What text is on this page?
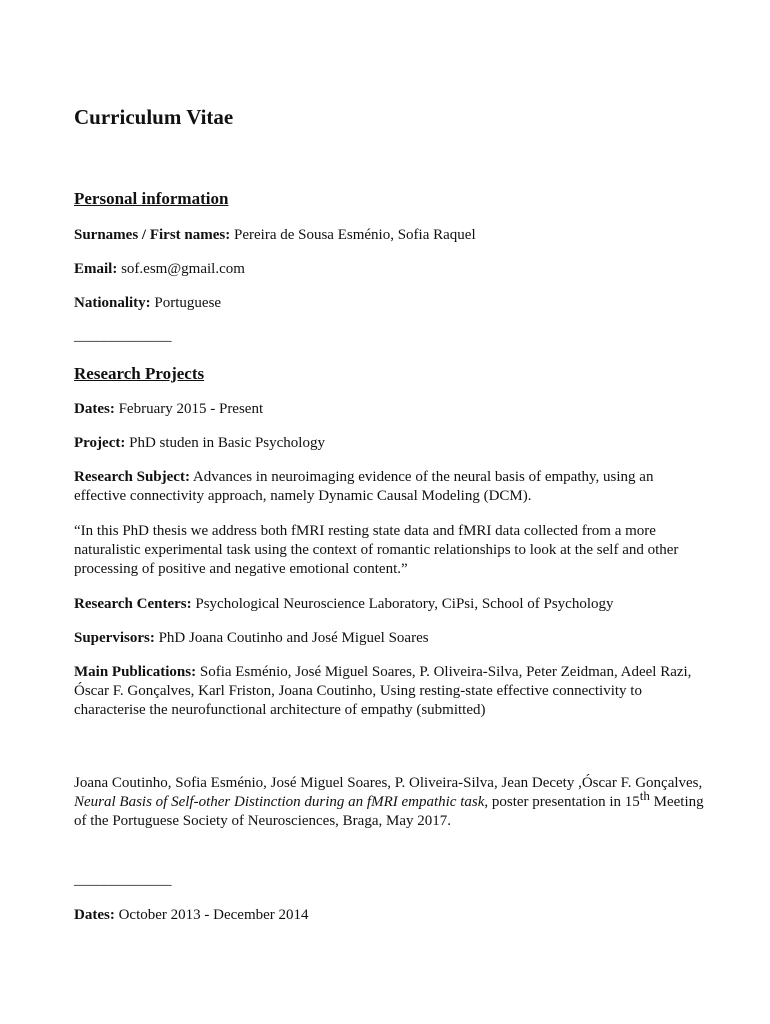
Curriculum Vitae
Personal information
Surnames / First names: Pereira de Sousa Esménio, Sofia Raquel
Email: sof.esm@gmail.com
Nationality: Portuguese
_____________
Research Projects
Dates: February 2015 - Present
Project: PhD studen in Basic Psychology
Research Subject: Advances in neuroimaging evidence of the neural basis of empathy, using an effective connectivity approach, namely Dynamic Causal Modeling (DCM).
“In this PhD thesis we address both fMRI resting state data and fMRI data collected from a more naturalistic experimental task using the context of romantic relationships to look at the self and other processing of positive and negative emotional content.”
Research Centers: Psychological Neuroscience Laboratory, CiPsi, School of Psychology
Supervisors: PhD Joana Coutinho and José Miguel Soares
Main Publications: Sofia Esménio, José Miguel Soares, P. Oliveira-Silva, Peter Zeidman, Adeel Razi, Óscar F. Gonçalves, Karl Friston, Joana Coutinho, Using resting-state effective connectivity to characterise the neurofunctional architecture of empathy (submitted)
Joana Coutinho, Sofia Esménio, José Miguel Soares, P. Oliveira-Silva, Jean Decety ,Óscar F. Gonçalves, Neural Basis of Self-other Distinction during an fMRI empathic task, poster presentation in 15th Meeting of the Portuguese Society of Neurosciences, Braga, May 2017.
_____________
Dates: October 2013 - December 2014
